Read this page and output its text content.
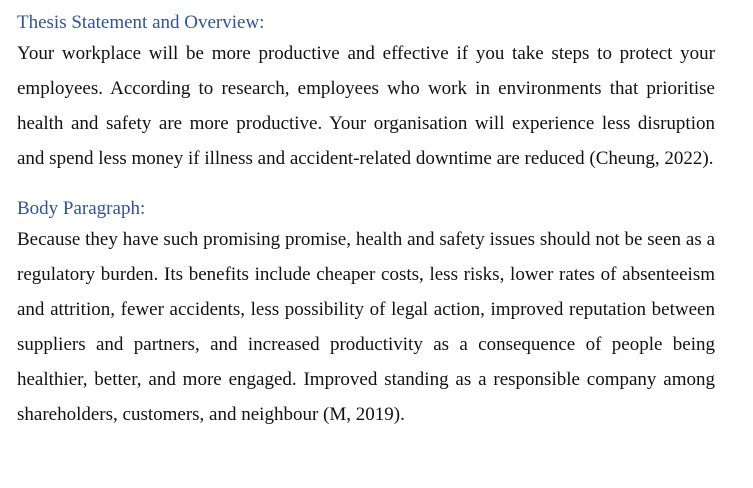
Thesis Statement and Overview:

Your workplace will be more productive and effective if you take steps to protect your employees. According to research, employees who work in environments that prioritise health and safety are more productive. Your organisation will experience less disruption and spend less money if illness and accident-related downtime are reduced (Cheung, 2022).

Body Paragraph:

Because they have such promising promise, health and safety issues should not be seen as a regulatory burden. Its benefits include cheaper costs, less risks, lower rates of absenteeism and attrition, fewer accidents, less possibility of legal action, improved reputation between suppliers and partners, and increased productivity as a consequence of people being healthier, better, and more engaged. Improved standing as a responsible company among shareholders, customers, and neighbour (M, 2019).
